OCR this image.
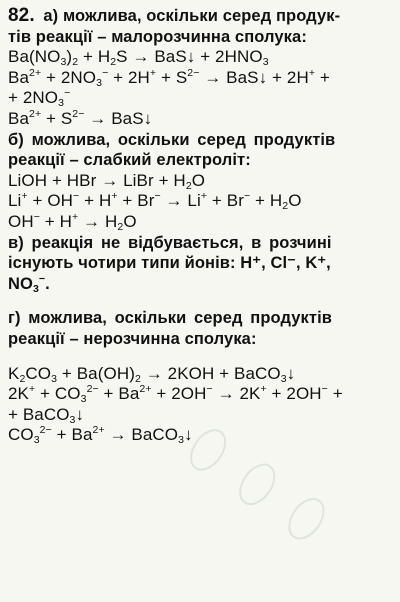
82. а) можлива, оскільки серед продук-
тів реакції – малорозчинна сполука:
$Ba(NO_3)_2 + H_2S$ → BaS↓ + $2HNO_3$
$Ba^{2+} + 2NO_3^- + 2H^+ + S^{2-}$ → BaS↓ + 2H+ +
+ $2NO_3^-$
$Ba^{2+} + S^{2-}$ → BaS↓
б) можлива, оскільки серед продуктів
реакції – слабкий електроліт:
LiOH + HBr → LiBr + $H_2O$
$Li^+ + OH^- + H^+ + Br^- \to Li^+ + Br^- + H_2O$
$OH^- + H^+ \to H_2O$
в) реакція не відбувається, в розчині
існують чотири типи йонів: H⁺, Cl⁻, K⁺,
$NO_3^-$.
г) можлива, оскільки серед продуктів
реакції – нерозчинна сполука:
$K_2CO_3 + Ba(OH)_2 \to 2KOH$ + BaCO$_3$↓
$2K^+ + CO_3^{2-} + Ba^{2+} + 2OH^- \to 2K^+ + 2OH^-$ +
+ BaCO$_3$↓
$CO_3^{2-} + Ba^{2+}$ → BaCO$_3$↓
